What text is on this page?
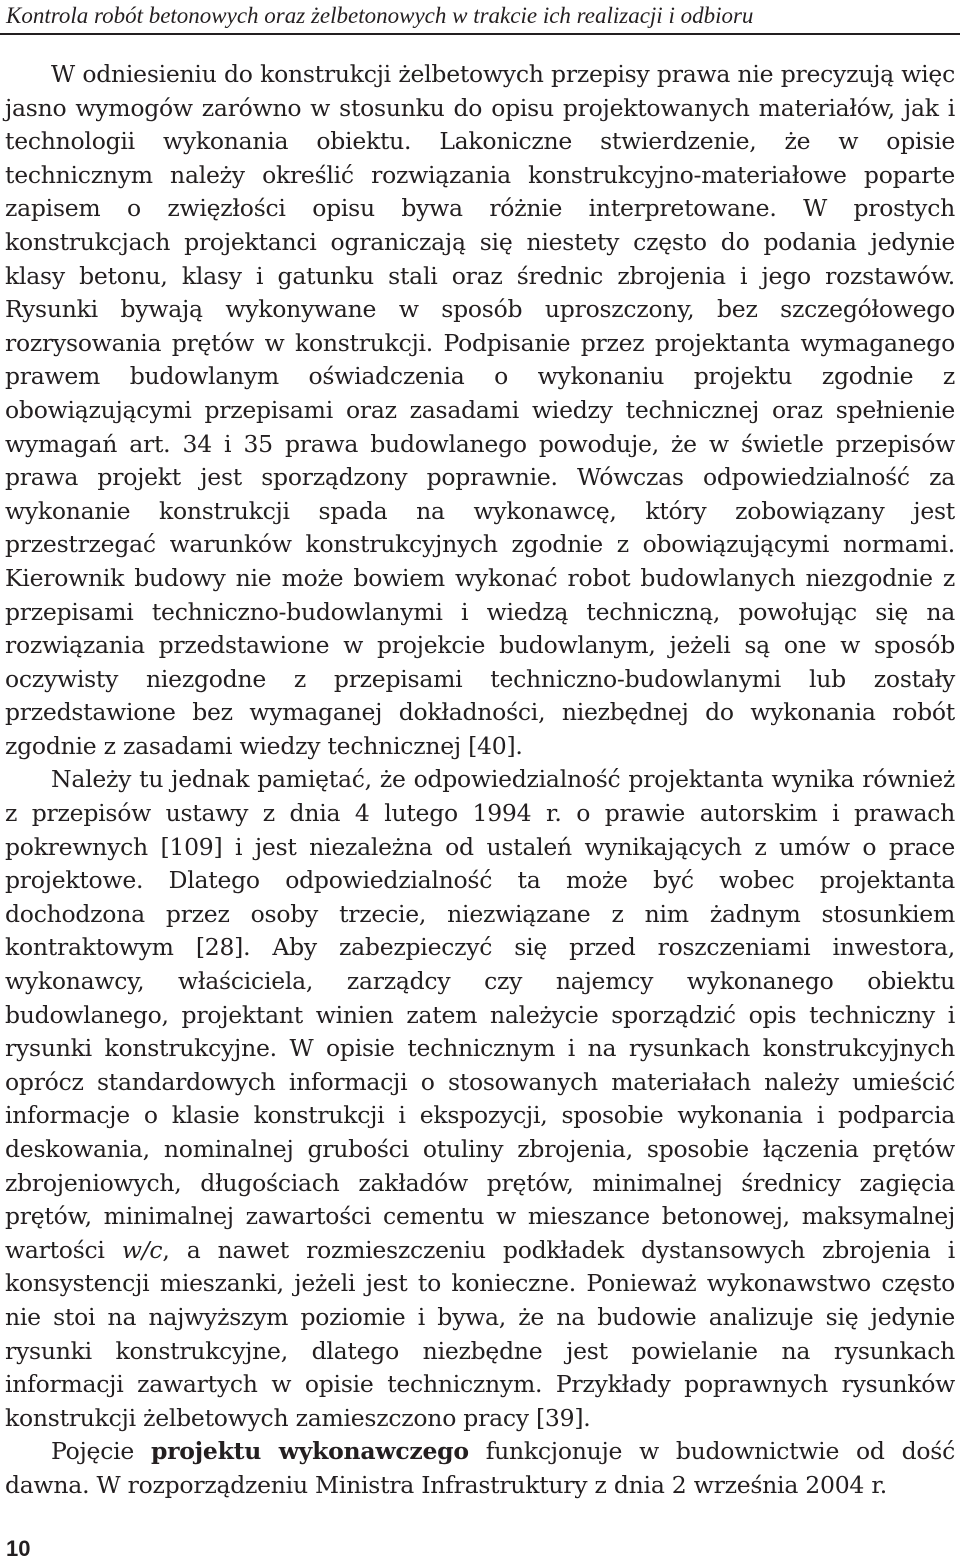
Kontrola robót betonowych oraz żelbetonowych w trakcie ich realizacji i odbioru

W odniesieniu do konstrukcji żelbetowych przepisy prawa nie precyzują więc jasno wymogów zarówno w stosunku do opisu projektowanych materiałów, jak i technologii wykonania obiektu. Lakoniczne stwierdzenie, że w opisie technicznym należy określić rozwiązania konstrukcyjno-materiałowe poparte zapisem o zwięzłości opisu bywa różnie interpretowane. W prostych konstrukcjach projektanci ograniczają się niestety często do podania jedynie klasy betonu, klasy i gatunku stali oraz średnic zbrojenia i jego rozstawów. Rysunki bywają wykonywane w sposób uproszczony, bez szczegółowego rozrysowania prętów w konstrukcji. Podpisanie przez projektanta wymaganego prawem budowlanym oświadczenia o wykonaniu projektu zgodnie z obowiązującymi przepisami oraz zasadami wiedzy technicznej oraz spełnienie wymagań art. 34 i 35 prawa budowlanego powoduje, że w świetle przepisów prawa projekt jest sporządzony poprawnie. Wówczas odpowiedzialność za wykonanie konstrukcji spada na wykonawcę, który zobowiązany jest przestrzegać warunków konstrukcyjnych zgodnie z obowiązującymi normami. Kierownik budowy nie może bowiem wykonać robot budowlanych niezgodnie z przepisami techniczno-budowlanymi i wiedzą techniczną, powołując się na rozwiązania przedstawione w projekcie budowlanym, jeżeli są one w sposób oczywisty niezgodne z przepisami techniczno-budowlanymi lub zostały przedstawione bez wymaganej dokładności, niezbędnej do wykonania robót zgodnie z zasadami wiedzy technicznej [40].

Należy tu jednak pamiętać, że odpowiedzialność projektanta wynika również z przepisów ustawy z dnia 4 lutego 1994 r. o prawie autorskim i prawach pokrewnych [109] i jest niezależna od ustaleń wynikających z umów o prace projektowe. Dlatego odpowiedzialność ta może być wobec projektanta dochodzona przez osoby trzecie, niezwiązane z nim żadnym stosunkiem kontraktowym [28]. Aby zabezpieczyć się przed roszczeniami inwestora, wykonawcy, właściciela, zarządcy czy najemcy wykonanego obiektu budowlanego, projektant winien zatem należycie sporządzić opis techniczny i rysunki konstrukcyjne. W opisie technicznym i na rysunkach konstrukcyjnych oprócz standardowych informacji o stosowanych materiałach należy umieścić informacje o klasie konstrukcji i ekspozycji, sposobie wykonania i podparcia deskowania, nominalnej grubości otuliny zbrojenia, sposobie łączenia prętów zbrojeniowych, długościach zakładów prętów, minimalnej średnicy zagięcia prętów, minimalnej zawartości cementu w mieszance betonowej, maksymalnej wartości w/c, a nawet rozmieszczeniu podkładek dystansowych zbrojenia i konsystencji mieszanki, jeżeli jest to konieczne. Ponieważ wykonawstwo często nie stoi na najwyższym poziomie i bywa, że na budowie analizuje się jedynie rysunki konstrukcyjne, dlatego niezbędne jest powielanie na rysunkach informacji zawartych w opisie technicznym. Przykłady poprawnych rysunków konstrukcji żelbetowych zamieszczono pracy [39].

Pojęcie projektu wykonawczego funkcjonuje w budownictwie od dość dawna. W rozporządzeniu Ministra Infrastruktury z dnia 2 września 2004 r.

10
